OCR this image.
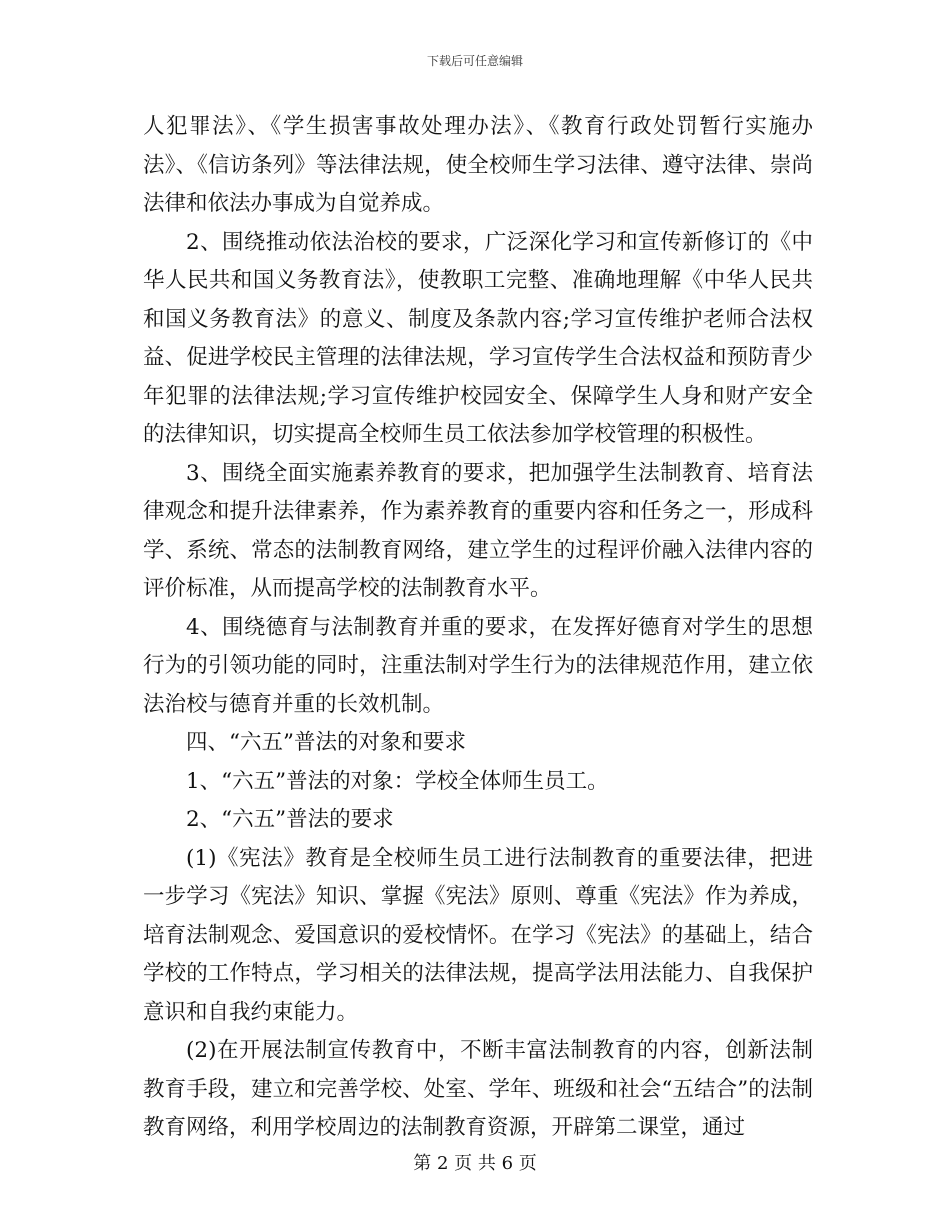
下载后可任意编辑

人犯罪法》、《学生损害事故处理办法》、《教育行政处罚暂行实施办法》、《信访条列》等法律法规，使全校师生学习法律、遵守法律、崇尚法律和依法办事成为自觉养成。

2、围绕推动依法治校的要求，广泛深化学习和宣传新修订的《中华人民共和国义务教育法》，使教职工完整、准确地理解《中华人民共和国义务教育法》的意义、制度及条款内容;学习宣传维护老师合法权益、促进学校民主管理的法律法规，学习宣传学生合法权益和预防青少年犯罪的法律法规;学习宣传维护校园安全、保障学生人身和财产安全的法律知识，切实提高全校师生员工依法参加学校管理的积极性。

3、围绕全面实施素养教育的要求，把加强学生法制教育、培育法律观念和提升法律素养，作为素养教育的重要内容和任务之一，形成科学、系统、常态的法制教育网络，建立学生的过程评价融入法律内容的评价标准，从而提高学校的法制教育水平。

4、围绕德育与法制教育并重的要求，在发挥好德育对学生的思想行为的引领功能的同时，注重法制对学生行为的法律规范作用，建立依法治校与德育并重的长效机制。

四、“六五”普法的对象和要求

1、“六五”普法的对象：学校全体师生员工。

2、“六五”普法的要求

(1)《宪法》教育是全校师生员工进行法制教育的重要法律，把进一步学习《宪法》知识、掌握《宪法》原则、尊重《宪法》作为养成，培育法制观念、爱国意识的爱校情怀。在学习《宪法》的基础上，结合学校的工作特点，学习相关的法律法规，提高学法用法能力、自我保护意识和自我约束能力。

(2)在开展法制宣传教育中，不断丰富法制教育的内容，创新法制教育手段，建立和完善学校、处室、学年、班级和社会“五结合”的法制教育网络，利用学校周边的法制教育资源，开辟第二课堂，通过

第 2 页 共 6 页
